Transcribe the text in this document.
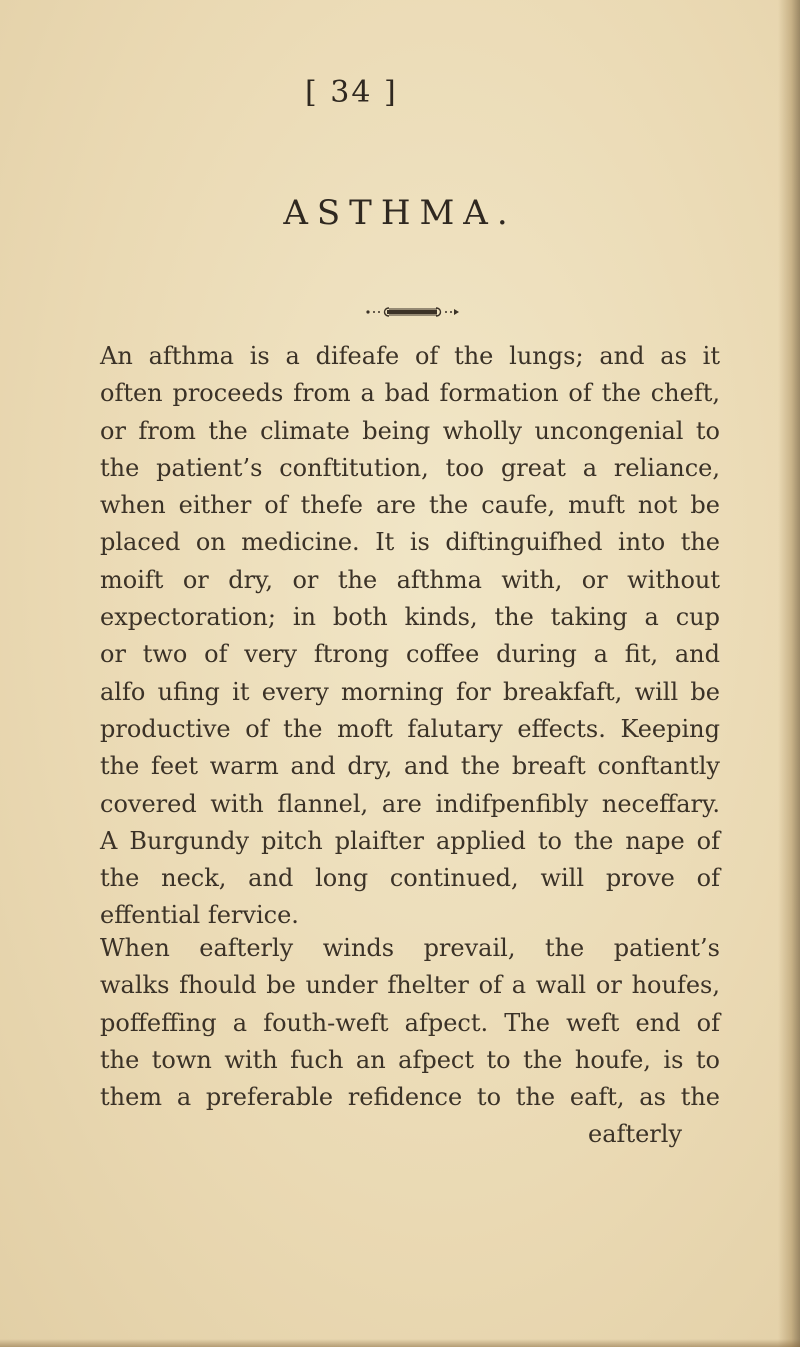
[ 34 ]
ASTHMA.
An afthma is a difeafe of the lungs; and as it
often proceeds from a bad formation of the cheft,
or from the climate being wholly uncongenial to
the patient’s conftitution, too great a reliance,
when either of thefe are the caufe, muft not be
placed on medicine. It is diftinguifhed into the
moift or dry, or the afthma with, or without
expectoration; in both kinds, the taking a cup
or two of very ftrong coffee during a fit, and
alfo ufing it every morning for breakfaft, will be
productive of the moft falutary effects. Keeping
the feet warm and dry, and the breaft conftantly
covered with flannel, are indifpenfibly neceffary.
A Burgundy pitch plaifter applied to the nape of
the neck, and long continued, will prove of
effential fervice.
When eafterly winds prevail, the patient’s
walks fhould be under fhelter of a wall or houfes,
poffeffing a fouth-weft afpect. The weft end of
the town with fuch an afpect to the houfe, is to
them a preferable refidence to the eaft, as the
eafterly
